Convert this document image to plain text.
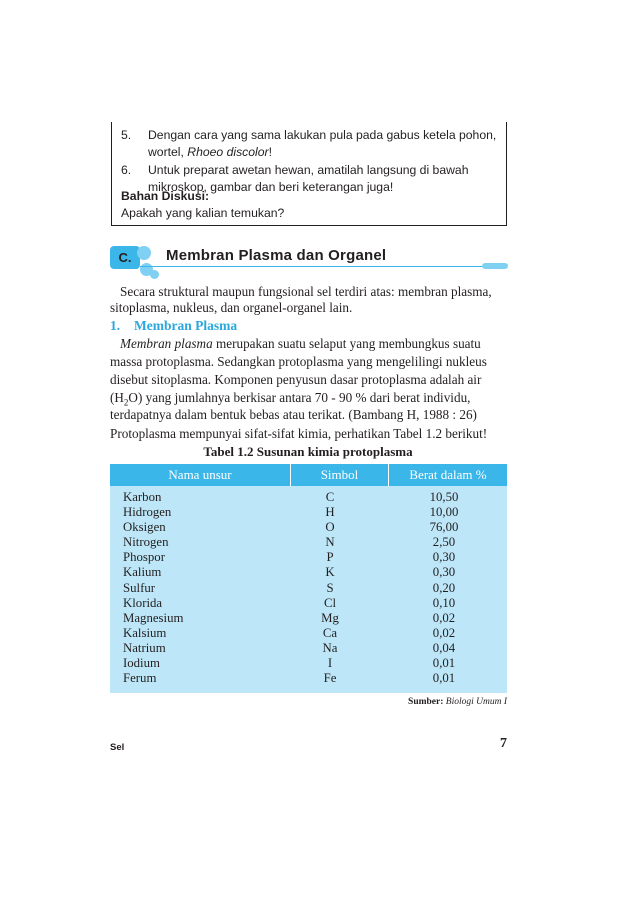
5.	Dengan cara yang sama lakukan pula pada gabus ketela pohon,
wortel, Rhoeo discolor!
6.	Untuk preparat awetan hewan, amatilah langsung di bawah
mikroskop, gambar dan beri keterangan juga!
Bahan Diskusi:
Apakah yang kalian temukan?
C.	Membran Plasma dan Organel
Secara struktural maupun fungsional sel terdiri atas: membran plasma,
sitoplasma, nukleus, dan organel-organel lain.
1. Membran Plasma
Membran plasma merupakan suatu selaput yang membungkus suatu
massa protoplasma. Sedangkan protoplasma yang mengelilingi nukleus
disebut sitoplasma. Komponen penyusun dasar protoplasma adalah air
$(H_2O)$ yang jumlahnya berkisar antara 70 - 90 % dari berat individu,
terdapatnya dalam bentuk bebas atau terikat. (Bambang H, 1988 : 26)
Protoplasma mempunyai sifat-sifat kimia, perhatikan Tabel 1.2 berikut!
Tabel 1.2 Susunan kimia protoplasma
Nama unsur	Simbol	Berat dalam %
Karbon	C	10,50
Hidrogen	H	10,00
Oksigen	O	76,00
Nitrogen	N	2,50
Phospor	P	0,30
Kalium	K	0,30
Sulfur	S	0,20
Klorida	Cl	0,10
Magnesium	Mg	0,02
Kalsium	Ca	0,02
Natrium	Na	0,04
Iodium	I	0,01
Ferum	Fe	0,01
Sumber: Biologi Umum I
Sel	7
